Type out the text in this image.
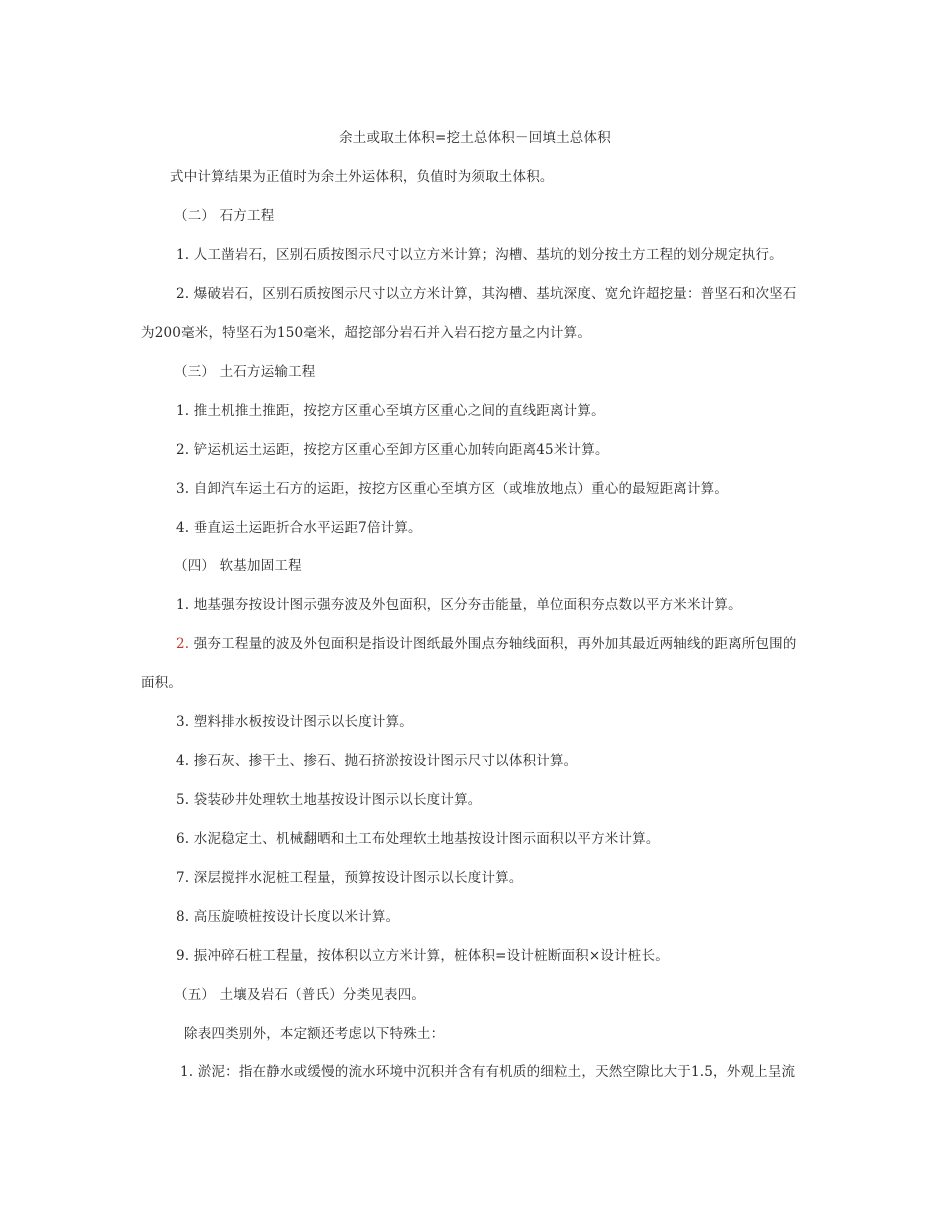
余土或取土体积=挖土总体积－回填土总体积
式中计算结果为正值时为余土外运体积，负值时为须取土体积。
（二） 石方工程
1. 人工凿岩石，区别石质按图示尺寸以立方米计算；沟槽、基坑的划分按土方工程的划分规定执行。
2. 爆破岩石，区别石质按图示尺寸以立方米计算，其沟槽、基坑深度、宽允许超挖量：普坚石和次坚石
为200毫米，特坚石为150毫米，超挖部分岩石并入岩石挖方量之内计算。
（三） 土石方运输工程
1. 推土机推土推距，按挖方区重心至填方区重心之间的直线距离计算。
2. 铲运机运土运距，按挖方区重心至卸方区重心加转向距离45米计算。
3. 自卸汽车运土石方的运距，按挖方区重心至填方区（或堆放地点）重心的最短距离计算。
4. 垂直运土运距折合水平运距7倍计算。
（四） 软基加固工程
1. 地基强夯按设计图示强夯波及外包面积，区分夯击能量，单位面积夯点数以平方米米计算。
2. 强夯工程量的波及外包面积是指设计图纸最外围点夯轴线面积，再外加其最近两轴线的距离所包围的
面积。
3. 塑料排水板按设计图示以长度计算。
4. 掺石灰、掺干土、掺石、抛石挤淤按设计图示尺寸以体积计算。
5. 袋装砂井处理软土地基按设计图示以长度计算。
6. 水泥稳定土、机械翻晒和土工布处理软土地基按设计图示面积以平方米计算。
7. 深层搅拌水泥桩工程量，预算按设计图示以长度计算。
8. 高压旋喷桩按设计长度以米计算。
9. 振冲碎石桩工程量，按体积以立方米计算，桩体积=设计桩断面积×设计桩长。
（五） 土壤及岩石（普氏）分类见表四。
除表四类别外，本定额还考虑以下特殊土：
1. 淤泥：指在静水或缓慢的流水环境中沉积并含有有机质的细粒土，天然空隙比大于1.5，外观上呈流
